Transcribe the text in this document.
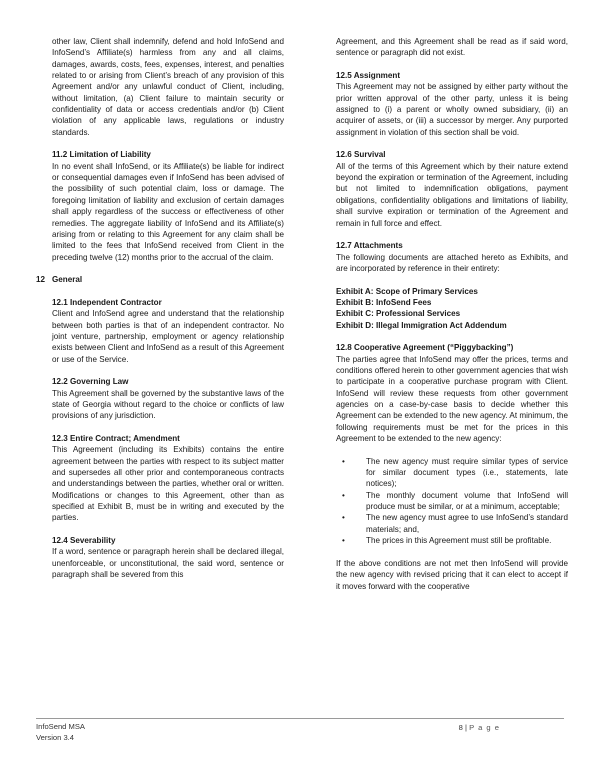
other law, Client shall indemnify, defend and hold InfoSend and InfoSend’s Affiliate(s) harmless from any and all claims, damages, awards, costs, fees, expenses, interest, and penalties related to or arising from Client’s breach of any provision of this Agreement and/or any unlawful conduct of Client, including, without limitation, (a) Client failure to maintain security or confidentiality of data or access credentials and/or (b) Client violation of any applicable laws, regulations or industry standards.

11.2 Limitation of Liability

In no event shall InfoSend, or its Affiliate(s) be liable for indirect or consequential damages even if InfoSend has been advised of the possibility of such potential claim, loss or damage. The foregoing limitation of liability and exclusion of certain damages shall apply regardless of the success or effectiveness of other remedies. The aggregate liability of InfoSend and its Affiliate(s) arising from or relating to this Agreement for any claim shall be limited to the fees that InfoSend received from Client in the preceding twelve (12) months prior to the accrual of the claim.

12 General

12.1 Independent Contractor

Client and InfoSend agree and understand that the relationship between both parties is that of an independent contractor. No joint venture, partnership, employment or agency relationship exists between Client and InfoSend as a result of this Agreement or use of the Service.

12.2 Governing Law

This Agreement shall be governed by the substantive laws of the state of Georgia without regard to the choice or conflicts of law provisions of any jurisdiction.

12.3 Entire Contract; Amendment

This Agreement (including its Exhibits) contains the entire agreement between the parties with respect to its subject matter and supersedes all other prior and contemporaneous contracts and understandings between the parties, whether oral or written. Modifications or changes to this Agreement, other than as specified at Exhibit B, must be in writing and executed by the parties.

12.4 Severability

If a word, sentence or paragraph herein shall be declared illegal, unenforceable, or unconstitutional, the said word, sentence or paragraph shall be severed from this

Agreement, and this Agreement shall be read as if said word, sentence or paragraph did not exist.

12.5 Assignment

This Agreement may not be assigned by either party without the prior written approval of the other party, unless it is being assigned to (i) a parent or wholly owned subsidiary, (ii) an acquirer of assets, or (iii) a successor by merger. Any purported assignment in violation of this section shall be void.

12.6 Survival

All of the terms of this Agreement which by their nature extend beyond the expiration or termination of the Agreement, including but not limited to indemnification obligations, payment obligations, confidentiality obligations and limitations of liability, shall survive expiration or termination of the Agreement and remain in full force and effect.

12.7 Attachments

The following documents are attached hereto as Exhibits, and are incorporated by reference in their entirety:

Exhibit A: Scope of Primary Services

Exhibit B: InfoSend Fees

Exhibit C: Professional Services

Exhibit D: Illegal Immigration Act Addendum

12.8 Cooperative Agreement (“Piggybacking”)

The parties agree that InfoSend may offer the prices, terms and conditions offered herein to other government agencies that wish to participate in a cooperative purchase program with Client. InfoSend will review these requests from other government agencies on a case-by-case basis to decide whether this Agreement can be extended to the new agency. At minimum, the following requirements must be met for the prices in this Agreement to be extended to the new agency:

•	The new agency must require similar types of service for similar document types (i.e., statements, late notices);
•	The monthly document volume that InfoSend will produce must be similar, or at a minimum, acceptable;
•	The new agency must agree to use InfoSend’s standard materials; and,
•	The prices in this Agreement must still be profitable.

If the above conditions are not met then InfoSend will provide the new agency with revised pricing that it can elect to accept if it moves forward with the cooperative

InfoSend MSA
Version 3.4
8 | P a g e
